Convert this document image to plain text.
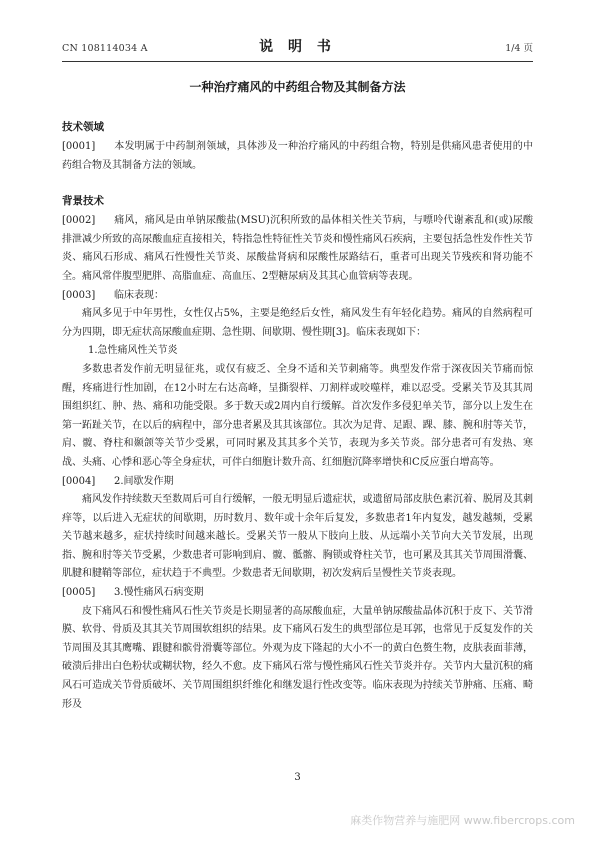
CN 108114034 A	说 明 书	1/4 页
一种治疗痛风的中药组合物及其制备方法
技术领域

[0001] 本发明属于中药制剂领域，具体涉及一种治疗痛风的中药组合物，特别是供痛风患者使用的中药组合物及其制备方法的领域。

背景技术

[0002] 痛风，痛风是由单钠尿酸盐(MSU)沉积所致的晶体相关性关节病，与嘌呤代谢紊乱和(或)尿酸排泄减少所致的高尿酸血症直接相关，特指急性特征性关节炎和慢性痛风石疾病，主要包括急性发作性关节炎、痛风石形成、痛风石性慢性关节炎、尿酸盐肾病和尿酸性尿路结石，重者可出现关节残疾和肾功能不全。痛风常伴腹型肥胖、高脂血症、高血压、2型糖尿病及其其心血管病等表现。

[0003] 临床表现：

痛风多见于中年男性，女性仅占5%，主要是绝经后女性，痛风发生有年轻化趋势。痛风的自然病程可分为四期，即无症状高尿酸血症期、急性期、间歇期、慢性期[3]。临床表现如下：

1.急性痛风性关节炎

多数患者发作前无明显征兆，或仅有疲乏、全身不适和关节刺痛等。典型发作常于深夜因关节痛而惊醒，疼痛进行性加剧，在12小时左右达高峰，呈撕裂样、刀割样或咬噬样，难以忍受。受累关节及其其周围组织红、肿、热、痛和功能受限。多于数天或2周内自行缓解。首次发作多侵犯单关节，部分以上发生在第一跖趾关节，在以后的病程中，部分患者累及其其该部位。其次为足背、足跟、踝、膝、腕和肘等关节，肩、髋、脊柱和颞颌等关节少受累，可同时累及其其多个关节，表现为多关节炎。部分患者可有发热、寒战、头痛、心悸和恶心等全身症状，可伴白细胞计数升高、红细胞沉降率增快和C反应蛋白增高等。

[0004] 2.间歇发作期

痛风发作持续数天至数周后可自行缓解，一般无明显后遗症状，或遗留局部皮肤色素沉着、脱屑及其刺痒等，以后进入无症状的间歇期，历时数月、数年或十余年后复发，多数患者1年内复发，越发越频，受累关节越来越多，症状持续时间越来越长。受累关节一般从下肢向上肢、从远端小关节向大关节发展，出现指、腕和肘等关节受累，少数患者可影响到肩、髋、骶髂、胸锁或脊柱关节，也可累及其其关节周围滑囊、肌腱和腱鞘等部位，症状趋于不典型。少数患者无间歇期，初次发病后呈慢性关节炎表现。

[0005] 3.慢性痛风石病变期

皮下痛风石和慢性痛风石性关节炎是长期显著的高尿酸血症，大量单钠尿酸盐晶体沉积于皮下、关节滑膜、软骨、骨质及其其关节周围软组织的结果。皮下痛风石发生的典型部位是耳郭，也常见于反复发作的关节周围及其其鹰嘴、跟腱和髌骨滑囊等部位。外观为皮下隆起的大小不一的黄白色赘生物，皮肤表面菲薄，破溃后排出白色粉状或糊状物，经久不愈。皮下痛风石常与慢性痛风石性关节炎并存。关节内大量沉积的痛风石可造成关节骨质破坏、关节周围组织纤维化和继发退行性改变等。临床表现为持续关节肿痛、压痛、畸形及

3
麻类作物营养与施肥网 www.fibercrops.com
